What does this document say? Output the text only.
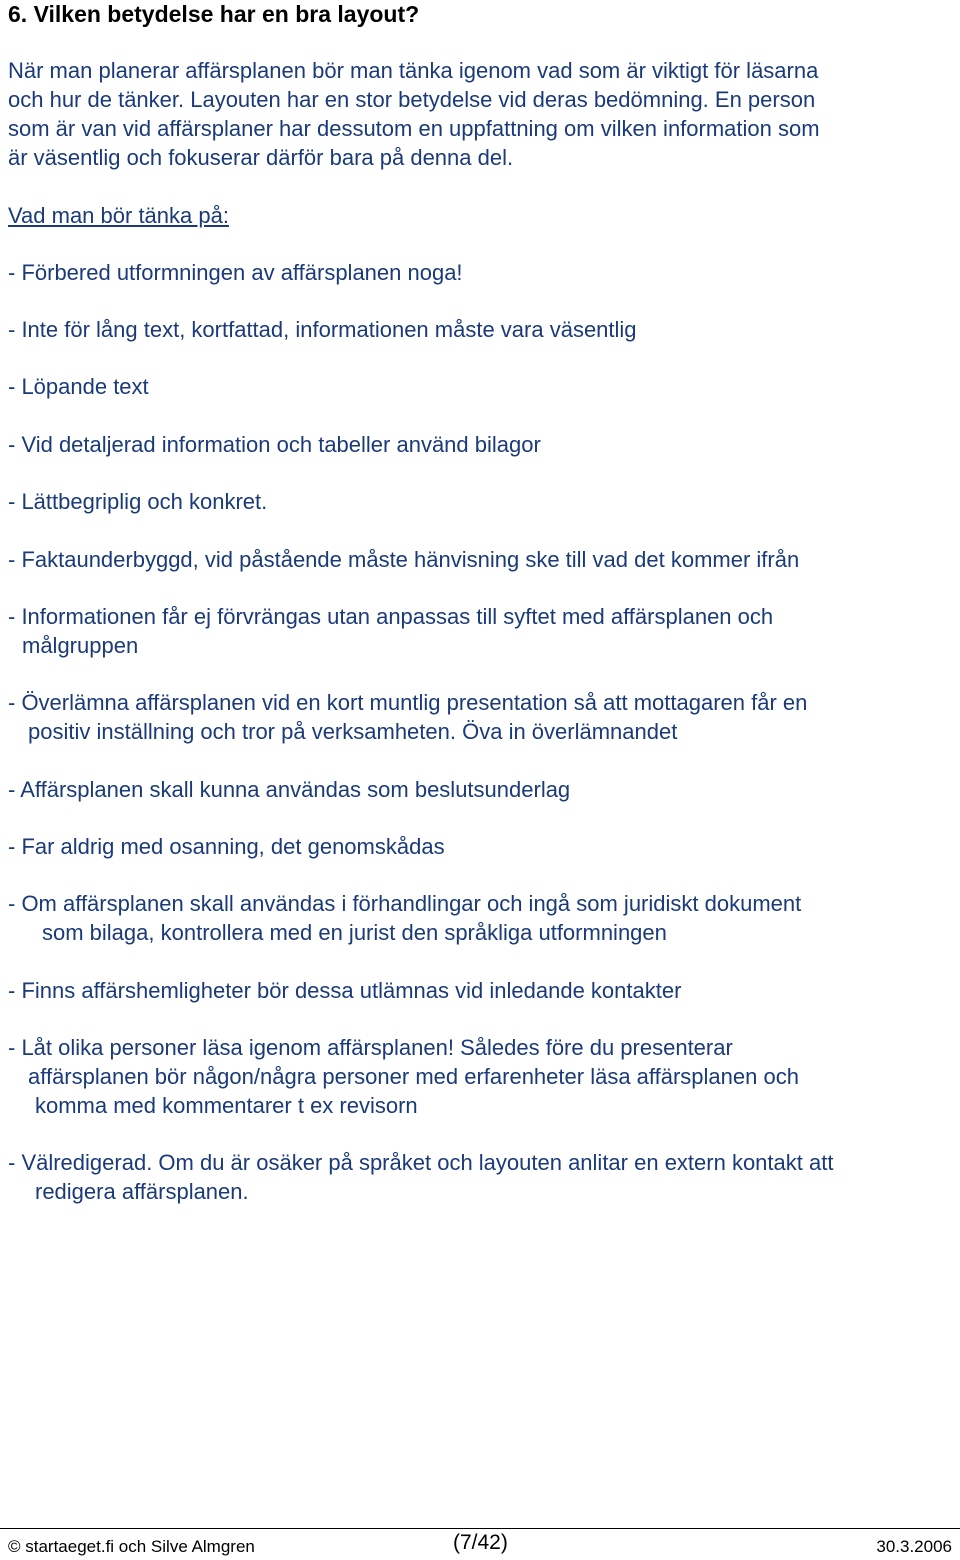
6. Vilken betydelse har en bra layout?
När man planerar affärsplanen bör man tänka igenom vad som är viktigt för läsarna
och hur de tänker. Layouten har en stor betydelse vid deras bedömning. En person
som är van vid affärsplaner har dessutom en uppfattning om vilken information som
är väsentlig och fokuserar därför bara på denna del.
Vad man bör tänka på:
- Förbered utformningen av affärsplanen noga!
- Inte för lång text, kortfattad, informationen måste vara väsentlig
- Löpande text
- Vid detaljerad information och tabeller använd bilagor
- Lättbegriplig och konkret.
- Faktaunderbyggd, vid påstående måste hänvisning ske till vad det kommer ifrån
- Informationen får ej förvrängas utan anpassas till syftet med affärsplanen och
målgruppen
- Överlämna affärsplanen vid en kort muntlig presentation så att mottagaren får en
positiv inställning och tror på verksamheten. Öva in överlämnandet
- Affärsplanen skall kunna användas som beslutsunderlag
- Far aldrig med osanning, det genomskådas
- Om affärsplanen skall användas i förhandlingar och ingå som juridiskt dokument
som bilaga, kontrollera med en jurist den språkliga utformningen
- Finns affärshemligheter bör dessa utlämnas vid inledande kontakter
- Låt olika personer läsa igenom affärsplanen! Således före du presenterar
affärsplanen bör någon/några personer med erfarenheter läsa affärsplanen och
komma med kommentarer t ex revisorn
- Välredigerad. Om du är osäker på språket och layouten anlitar en extern kontakt att
redigera affärsplanen.
© startaeget.fi och Silve Almgren	(7/42)	30.3.2006
